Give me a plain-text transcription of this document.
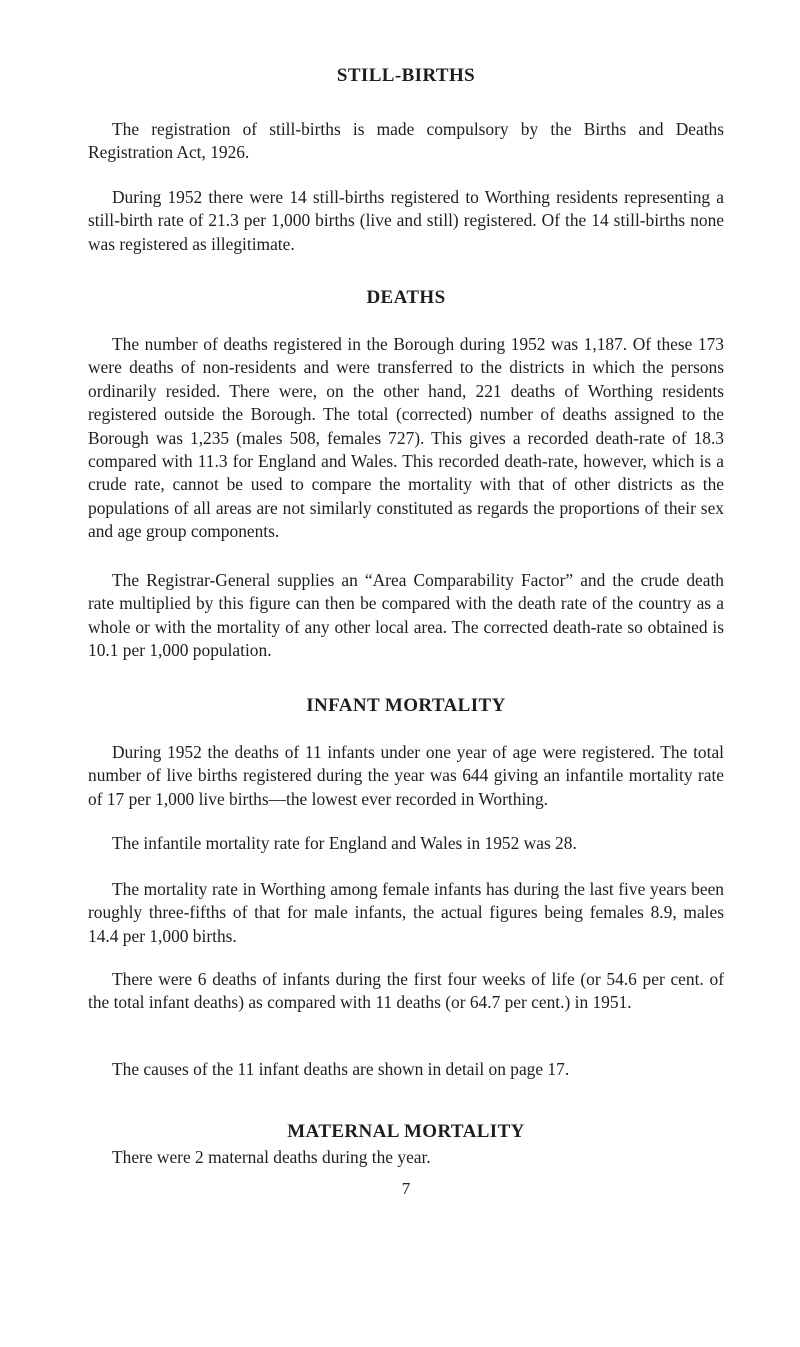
STILL-BIRTHS

The registration of still-births is made compulsory by the Births and Deaths Registration Act, 1926.

During 1952 there were 14 still-births registered to Worthing residents representing a still-birth rate of 21.3 per 1,000 births (live and still) registered. Of the 14 still-births none was registered as illegitimate.

DEATHS

The number of deaths registered in the Borough during 1952 was 1,187. Of these 173 were deaths of non-residents and were transferred to the districts in which the persons ordinarily resided. There were, on the other hand, 221 deaths of Worthing residents registered outside the Borough. The total (corrected) number of deaths assigned to the Borough was 1,235 (males 508, females 727). This gives a recorded death-rate of 18.3 compared with 11.3 for England and Wales. This recorded death-rate, however, which is a crude rate, cannot be used to compare the mortality with that of other districts as the populations of all areas are not similarly constituted as regards the proportions of their sex and age group components.

The Registrar-General supplies an “Area Comparability Factor” and the crude death rate multiplied by this figure can then be compared with the death rate of the country as a whole or with the mortality of any other local area. The corrected death-rate so obtained is 10.1 per 1,000 population.

INFANT MORTALITY

During 1952 the deaths of 11 infants under one year of age were registered. The total number of live births registered during the year was 644 giving an infantile mortality rate of 17 per 1,000 live births—the lowest ever recorded in Worthing.

The infantile mortality rate for England and Wales in 1952 was 28.

The mortality rate in Worthing among female infants has during the last five years been roughly three-fifths of that for male infants, the actual figures being females 8.9, males 14.4 per 1,000 births.

There were 6 deaths of infants during the first four weeks of life (or 54.6 per cent. of the total infant deaths) as compared with 11 deaths (or 64.7 per cent.) in 1951.

The causes of the 11 infant deaths are shown in detail on page 17.

MATERNAL MORTALITY

There were 2 maternal deaths during the year.

7
